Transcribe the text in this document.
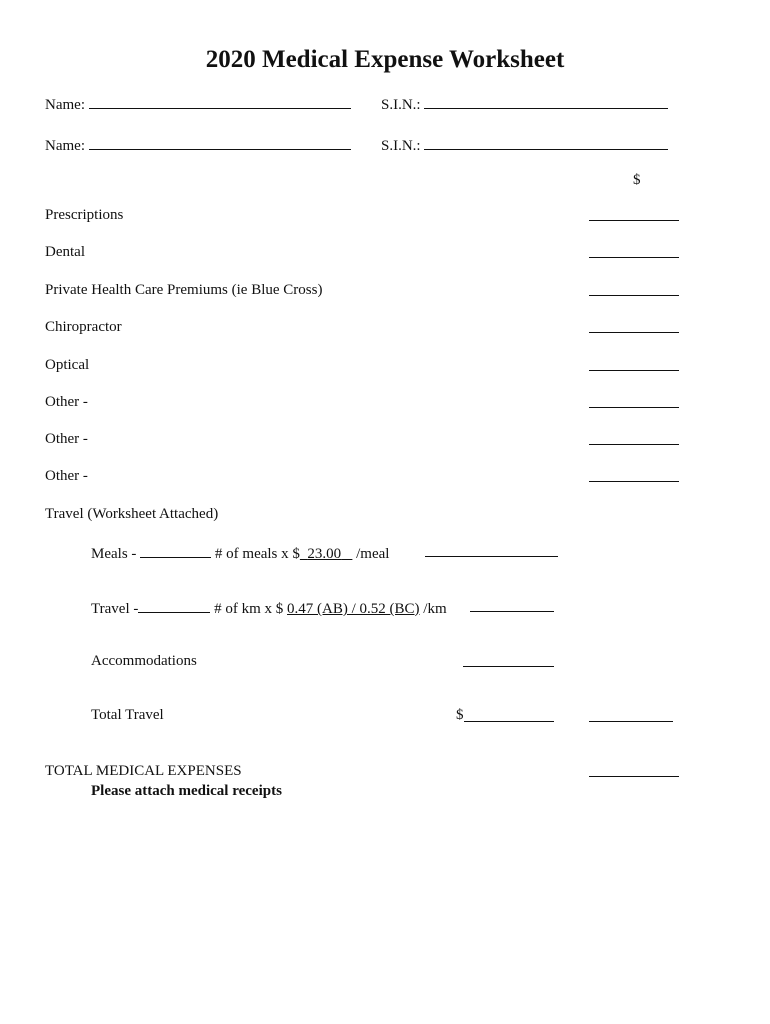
2020 Medical Expense Worksheet
Name:	S.I.N.:
Name:	S.I.N.:
$
Prescriptions
Dental
Private Health Care Premiums (ie Blue Cross)
Chiropractor
Optical
Other -
Other -
Other -
Travel (Worksheet Attached)
Meals -	# of meals x $ 23.00 /meal
Travel -	# of km x $ 0.47 (AB) / 0.52 (BC) /km
Accommodations
Total Travel	$
TOTAL MEDICAL EXPENSES
Please attach medical receipts
